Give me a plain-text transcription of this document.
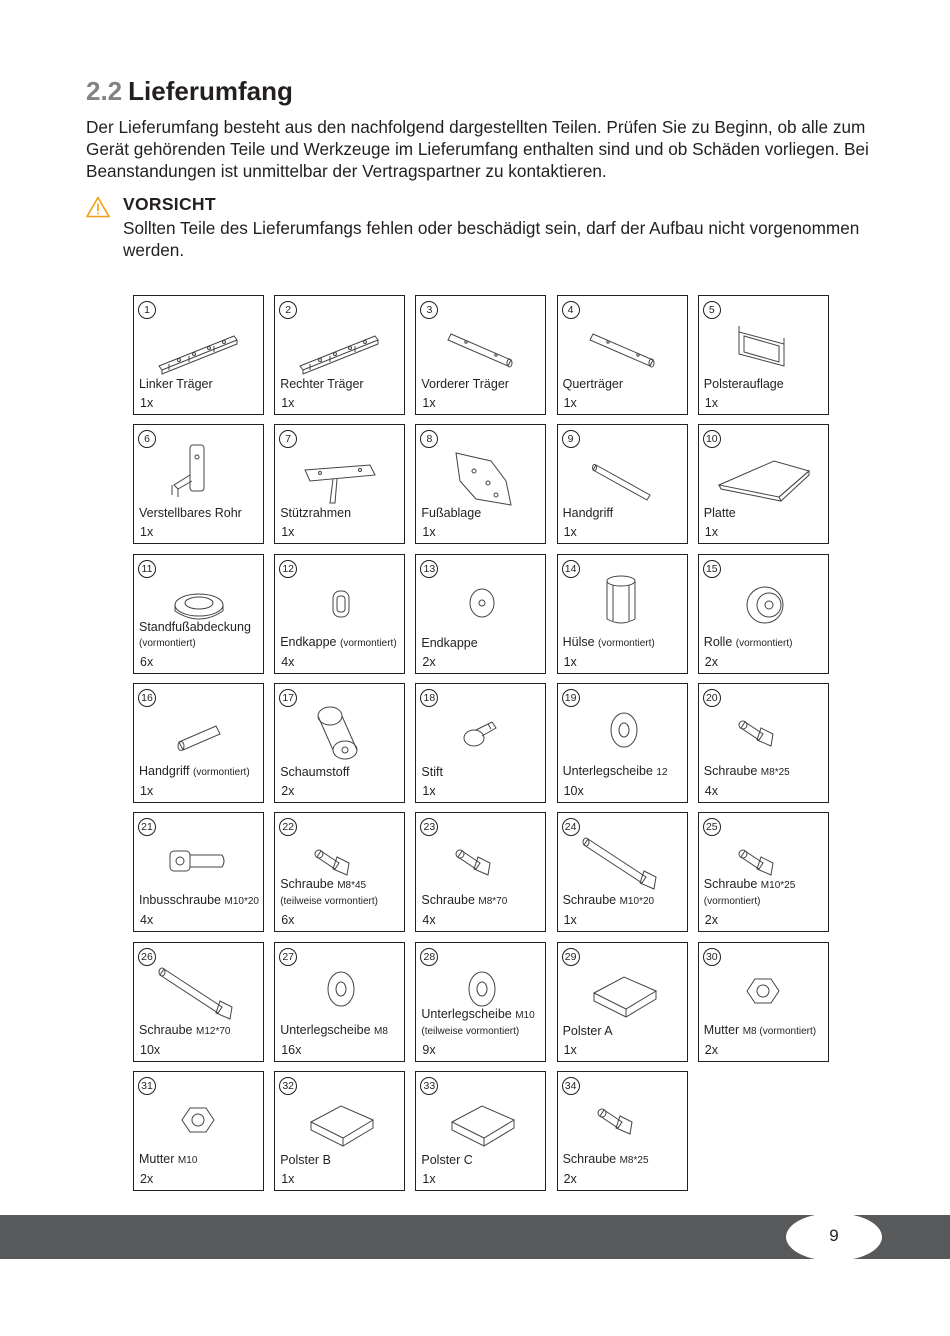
2.2 Lieferumfang

Der Lieferumfang besteht aus den nachfolgend dargestellten Teilen. Prüfen Sie zu Beginn, ob alle zum Gerät gehörenden Teile und Werkzeuge im Lieferumfang enthalten sind und ob Schäden vorliegen. Bei Beanstandungen ist unmittelbar der Vertragspartner zu kontaktieren.

VORSICHT
Sollten Teile des Lieferumfangs fehlen oder beschädigt sein, darf der Aufbau nicht vorgenommen werden.
1
Linker Träger
1x
2
Rechter Träger
1x
3
Vorderer Träger
1x
4
Querträger
1x
5
Polsterauflage
1x
6
Verstellbares Rohr
1x
7
Stützrahmen
1x
8
Fußablage
1x
9
Handgriff
1x
10
Platte
1x
11
Standfußabdeckung
(vormontiert)
6x
12
Endkappe (vormontiert)
4x
13
Endkappe
2x
14
Hülse (vormontiert)
1x
15
Rolle (vormontiert)
2x
16
Handgriff (vormontiert)
1x
17
Schaumstoff
2x
18
Stift
1x
19
Unterlegscheibe 12
10x
20
Schraube M8*25
4x
21
Inbusschraube M10*20
4x
22
Schraube M8*45
(teilweise vormontiert)
6x
23
Schraube M8*70
4x
24
Schraube M10*20
1x
25
Schraube M10*25
(vormontiert)
2x
26
Schraube M12*70
10x
27
Unterlegscheibe M8
16x
28
Unterlegscheibe M10
(teilweise vormontiert)
9x
29
Polster A
1x
30
Mutter M8 (vormontiert)
2x
31
Mutter M10
2x
32
Polster B
1x
33
Polster C
1x
34
Schraube M8*25
2x
9
